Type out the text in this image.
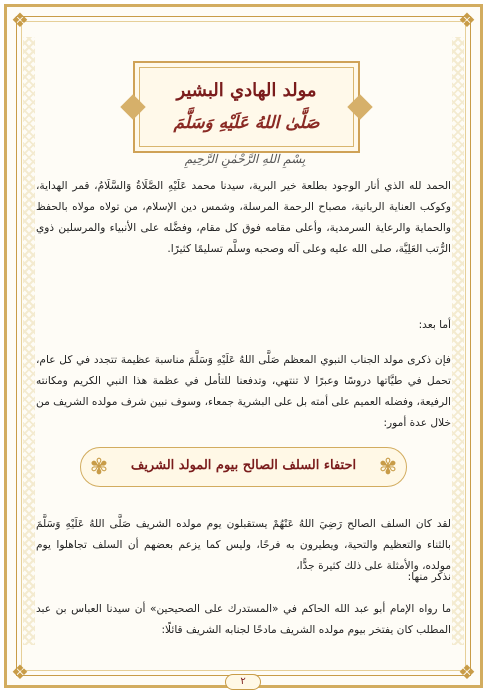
❖	❖
❖	❖
مولد الهادي البشير
صَلَّىٰ اللهُ عَلَيْهِ وَسَلَّمَ
بِسْمِ اللهِ الرَّحْمٰنِ الرَّحِيمِ
الحمد لله الذي أنار الوجود بطلعة خير البرية، سيدنا محمد عَلَيْهِ الصَّلَاةُ وَالسَّلَامُ، قمر الهداية، وكوكب العناية الربانية، مصباح الرحمة المرسلة، وشمس دين الإسلام، من تولاه مولاه بالحفظ والحماية والرعاية السرمدية، وأعلى مقامه فوق كل مقام، وفضَّله على الأنبياء والمرسلين ذوي الرُّتب العَلِيَّة، صلى الله عليه وعلى آله وصحبه وسلَّم تسليمًا كثيرًا.
أما بعد:
فإن ذكرى مولد الجناب النبوي المعظم صَلَّى اللهُ عَلَيْهِ وَسَلَّمَ مناسبة عظيمة تتجدد في كل عام، تحمل في طيَّاتها دروسًا وعبرًا لا تنتهي، وتدفعنا للتأمل في عظمة هذا النبي الكريم ومكانته الرفيعة، وفضله العميم على أمته بل على البشرية جمعاء، وسوف نبين شرف مولده الشريف من خلال عدة أمور:
✾	احتفاء السلف الصالح بيوم المولد الشريف	✾
لقد كان السلف الصالح رَضِيَ اللهُ عَنْهُمْ يستقبلون يوم مولده الشريف صَلَّى اللهُ عَلَيْهِ وَسَلَّمَ بالثناء والتعظيم والتحية، ويطيرون به فرحًا، وليس كما يزعم بعضهم أن السلف تجاهلوا يوم مولده، والأمثلة على ذلك كثيرة جدًّا،
نذكر منها:
ما رواه الإمام أبو عبد الله الحاكم في «المستدرك على الصحيحين» أن سيدنا العباس بن عبد المطلب كان يفتخر بيوم مولده الشريف مادحًا لجنابه الشريف قائلًا:
٢
